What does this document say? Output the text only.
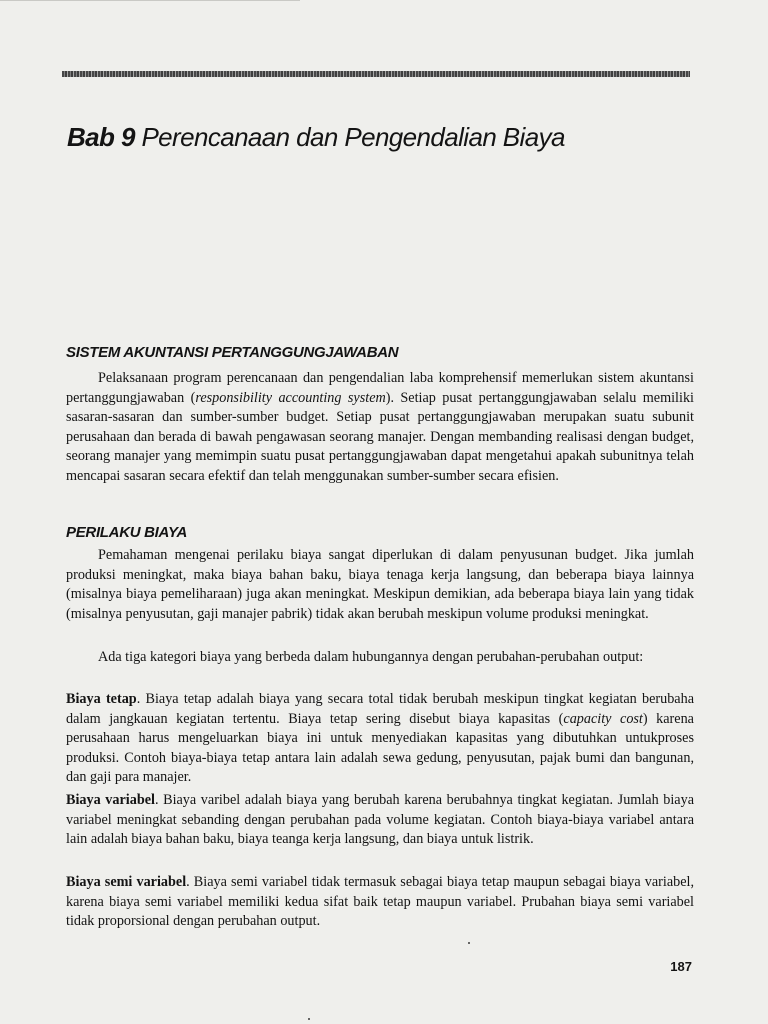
Bab 9 Perencanaan dan Pengendalian Biaya
SISTEM AKUNTANSI PERTANGGUNGJAWABAN

Pelaksanaan program perencanaan dan pengendalian laba komprehensif memerlukan sistem akuntansi pertanggungjawaban (responsibility accounting system). Setiap pusat pertanggungjawaban selalu memiliki sasaran-sasaran dan sumber-sumber budget. Setiap pusat pertanggungjawaban merupakan suatu subunit perusahaan dan berada di bawah pengawasan seorang manajer. Dengan membanding realisasi dengan budget, seorang manajer yang memimpin suatu pusat pertanggungjawaban dapat mengetahui apakah subunitnya telah mencapai sasaran secara efektif dan telah menggunakan sumber-sumber secara efisien.

PERILAKU BIAYA

Pemahaman mengenai perilaku biaya sangat diperlukan di dalam penyusunan budget. Jika jumlah produksi meningkat, maka biaya bahan baku, biaya tenaga kerja langsung, dan beberapa biaya lainnya (misalnya biaya pemeliharaan) juga akan meningkat. Meskipun demikian, ada beberapa biaya lain yang tidak (misalnya penyusutan, gaji manajer pabrik) tidak akan berubah meskipun volume produksi meningkat.

Ada tiga kategori biaya yang berbeda dalam hubungannya dengan perubahan-perubahan output:

Biaya tetap. Biaya tetap adalah biaya yang secara total tidak berubah meskipun tingkat kegiatan berubaha dalam jangkauan kegiatan tertentu. Biaya tetap sering disebut biaya kapasitas (capacity cost) karena perusahaan harus mengeluarkan biaya ini untuk menyediakan kapasitas yang dibutuhkan untukproses produksi. Contoh biaya-biaya tetap antara lain adalah sewa gedung, penyusutan, pajak bumi dan bangunan, dan gaji para manajer.

Biaya variabel. Biaya varibel adalah biaya yang berubah karena berubahnya tingkat kegiatan. Jumlah biaya variabel meningkat sebanding dengan perubahan pada volume kegiatan. Contoh biaya-biaya variabel antara lain adalah biaya bahan baku, biaya teanga kerja langsung, dan biaya untuk listrik.

Biaya semi variabel. Biaya semi variabel tidak termasuk sebagai biaya tetap maupun sebagai biaya variabel, karena biaya semi variabel memiliki kedua sifat baik tetap maupun variabel. Prubahan biaya semi variabel tidak proporsional dengan perubahan output.

187
